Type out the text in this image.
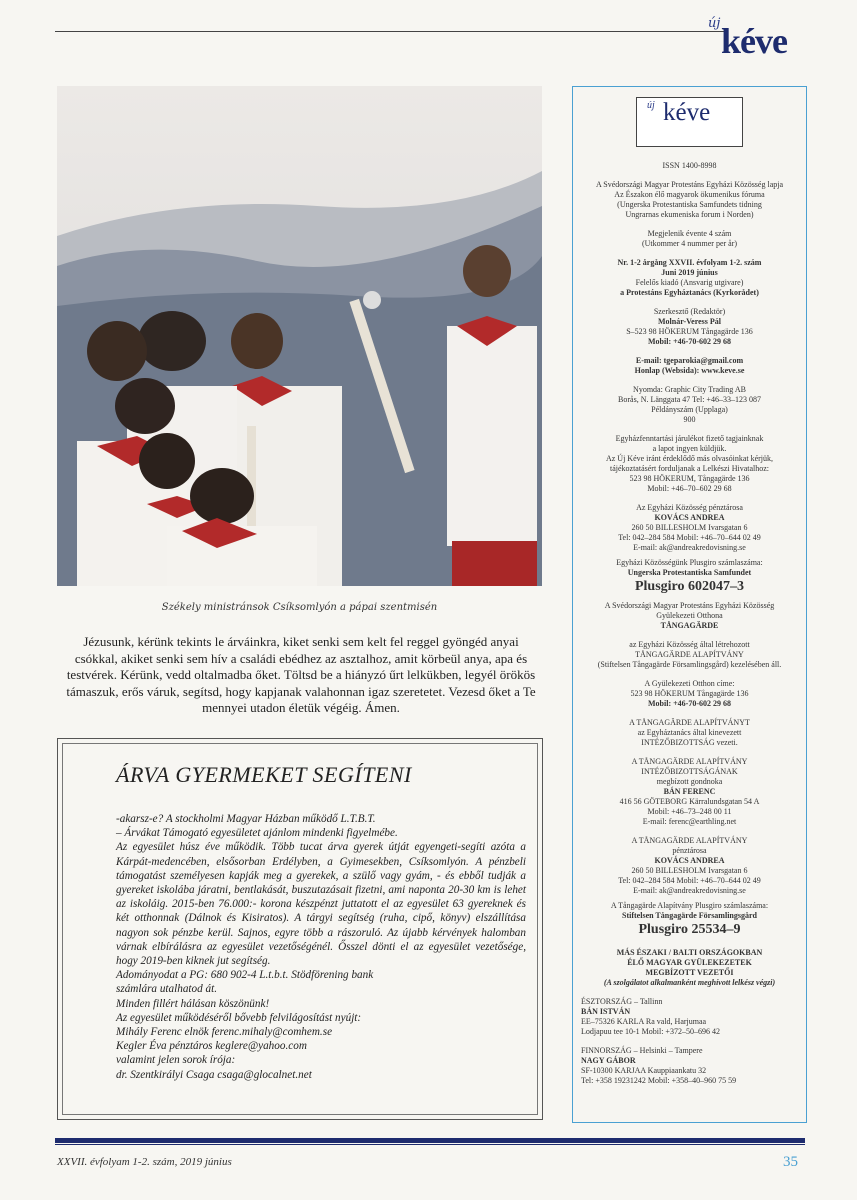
új kéve
Székely ministránsok Csíksomlyón a pápai szentmisén
Jézusunk, kérünk tekints le árváinkra, kiket senki sem kelt fel reggel gyöngéd anyai csókkal, akiket senki sem hív a családi ebédhez az asztalhoz, amit körbeül anya, apa és testvérek. Kérünk, vedd oltalmadba őket. Töltsd be a hiányzó űrt lelkükben, legyél örökös támaszuk, erős váruk, segítsd, hogy kapjanak valahonnan igaz szeretetet. Vezesd őket a Te mennyei utadon életük végéig. Ámen.
ÁRVA GYERMEKET SEGÍTENI

-akarsz-e? A stockholmi Magyar Házban működő L.T.B.T.

– Árvákat Támogató egyesületet ajánlom mindenki figyelmébe.

Az egyesület húsz éve működik. Több tucat árva gyerek útját egyengeti-segíti azóta a Kárpát-medencében, elsősorban Erdélyben, a Gyimesekben, Csíksomlyón. A pénzbeli támogatást személyesen kapják meg a gyerekek, a szülő vagy gyám, - és ebből tudják a gyereket iskolába járatni, bentlakását, buszutazásait fizetni, ami naponta 20-30 km is lehet az iskoláig. 2015-ben 76.000:- korona készpénzt juttatott el az egyesület 63 gyereknek és két otthonnak (Dálnok és Kisiratos). A tárgyi segítség (ruha, cipő, könyv) elszállítása nagyon sok pénzbe kerül. Sajnos, egyre több a rászoruló. Az újabb kérvények halomban várnak elbírálásra az egyesület vezetőségénél. Ősszel dönti el az egyesület vezetősége, hogy 2019-ben kiknek jut segítség.

Adományodat a PG: 680 902-4 L.t.b.t. Stödförening bank

számlára utalhatod át.

Minden fillért hálásan köszönünk!

Az egyesület működéséről bővebb felvilágosítást nyújt:

Mihály Ferenc elnök ferenc.mihaly@comhem.se

Kegler Éva pénztáros keglere@yahoo.com

valamint jelen sorok írója:

dr. Szentkirályi Csaga csaga@glocalnet.net

új kéve

ISSN 1400-8998

A Svédországi Magyar Protestáns Egyházi Közösség lapja

Az Északon élő magyarok ökumenikus fóruma

(Ungerska Protestantiska Samfundets tidning

Ungrarnas ekumeniska forum i Norden)

Megjelenik évente 4 szám

(Utkommer 4 nummer per år)

Nr. 1-2 årgång XXVII. évfolyam 1-2. szám

Juni 2019 június

Felelős kiadó (Ansvarig utgivare)

a Protestáns Egyháztanács (Kyrkorådet)

Szerkesztő (Redaktör)

Molnár-Veress Pál

S–523 98 HÖKERUM Tångagärde 136

Mobil: +46-70-602 29 68

E-mail: tgeparokia@gmail.com

Honlap (Websida): www.keve.se

Nyomda: Graphic City Trading AB

Borås, N. Länggata 47 Tel: +46–33–123 087

Példányszám (Upplaga)

900

Egyházfenntartási járulékot fizető tagjainknak

a lapot ingyen küldjük.

Az Új Kéve iránt érdeklődő más olvasóinkat kérjük,

tájékoztatásért forduljanak a Lelkészi Hivatalhoz:

523 98 HÖKERUM, Tångagärde 136

Mobil: +46–70–602 29 68

Az Egyházi Közösség pénztárosa

KOVÁCS ANDREA

260 50 BILLESHOLM Ivarsgatan 6

Tel: 042–284 584 Mobil: +46–70–644 02 49

E-mail: ak@andreakredovisning.se

Egyházi Közösségünk Plusgiro számlaszáma:

Ungerska Protestantiska Samfundet

Plusgiro 602047–3

A Svédországi Magyar Protestáns Egyházi Közösség

Gyülekezeti Otthona

TÅNGAGÄRDE

az Egyházi Közösség által létrehozott

TÅNGAGÄRDE ALAPÍTVÁNY

(Stiftelsen Tångagärde Församlingsgård) kezelésében áll.

A Gyülekezeti Otthon címe:

523 98 HÖKERUM Tångagärde 136

Mobil: +46-70-602 29 68

A TÅNGAGÄRDE ALAPÍTVÁNYT

az Egyháztanács által kinevezett

INTÉZŐBIZOTTSÁG vezeti.

A TÅNGAGÄRDE ALAPÍTVÁNY

INTÉZŐBIZOTTSÁGÁNAK

megbízott gondnoka

BÁN FERENC

416 56 GÖTEBORG Kärralundsgatan 54 A

Mobil: +46–73–248 00 11

E-mail: ferenc@earthling.net

A TÅNGAGÄRDE ALAPÍTVÁNY

pénztárosa

KOVÁCS ANDREA

260 50 BILLESHOLM Ivarsgatan 6

Tel: 042–284 584 Mobil: +46–70–644 02 49

E-mail: ak@andreakredovisning.se

A Tångagärde Alapítvány Plusgiro számlaszáma:

Stiftelsen Tångagärde Församlingsgård

Plusgiro 25534–9

MÁS ÉSZAKI / BALTI ORSZÁGOKBAN

ÉLŐ MAGYAR GYÜLEKEZETEK

MEGBÍZOTT VEZETŐI

(A szolgálatot alkalmanként meghívott lelkész végzi)

ÉSZTORSZÁG – Tallinn

BÁN ISTVÁN

EE–75326 KARLA Ra vald, Harjumaa

Lodjapuu tee 10-1 Mobil: +372–50–696 42

FINNORSZÁG – Helsinki – Tampere

NAGY GÁBOR

SF-10300 KARJAA Kauppiaankatu 32

Tel: +358 19231242 Mobil: +358–40–960 75 59

XXVII. évfolyam 1-2. szám, 2019 június	35
